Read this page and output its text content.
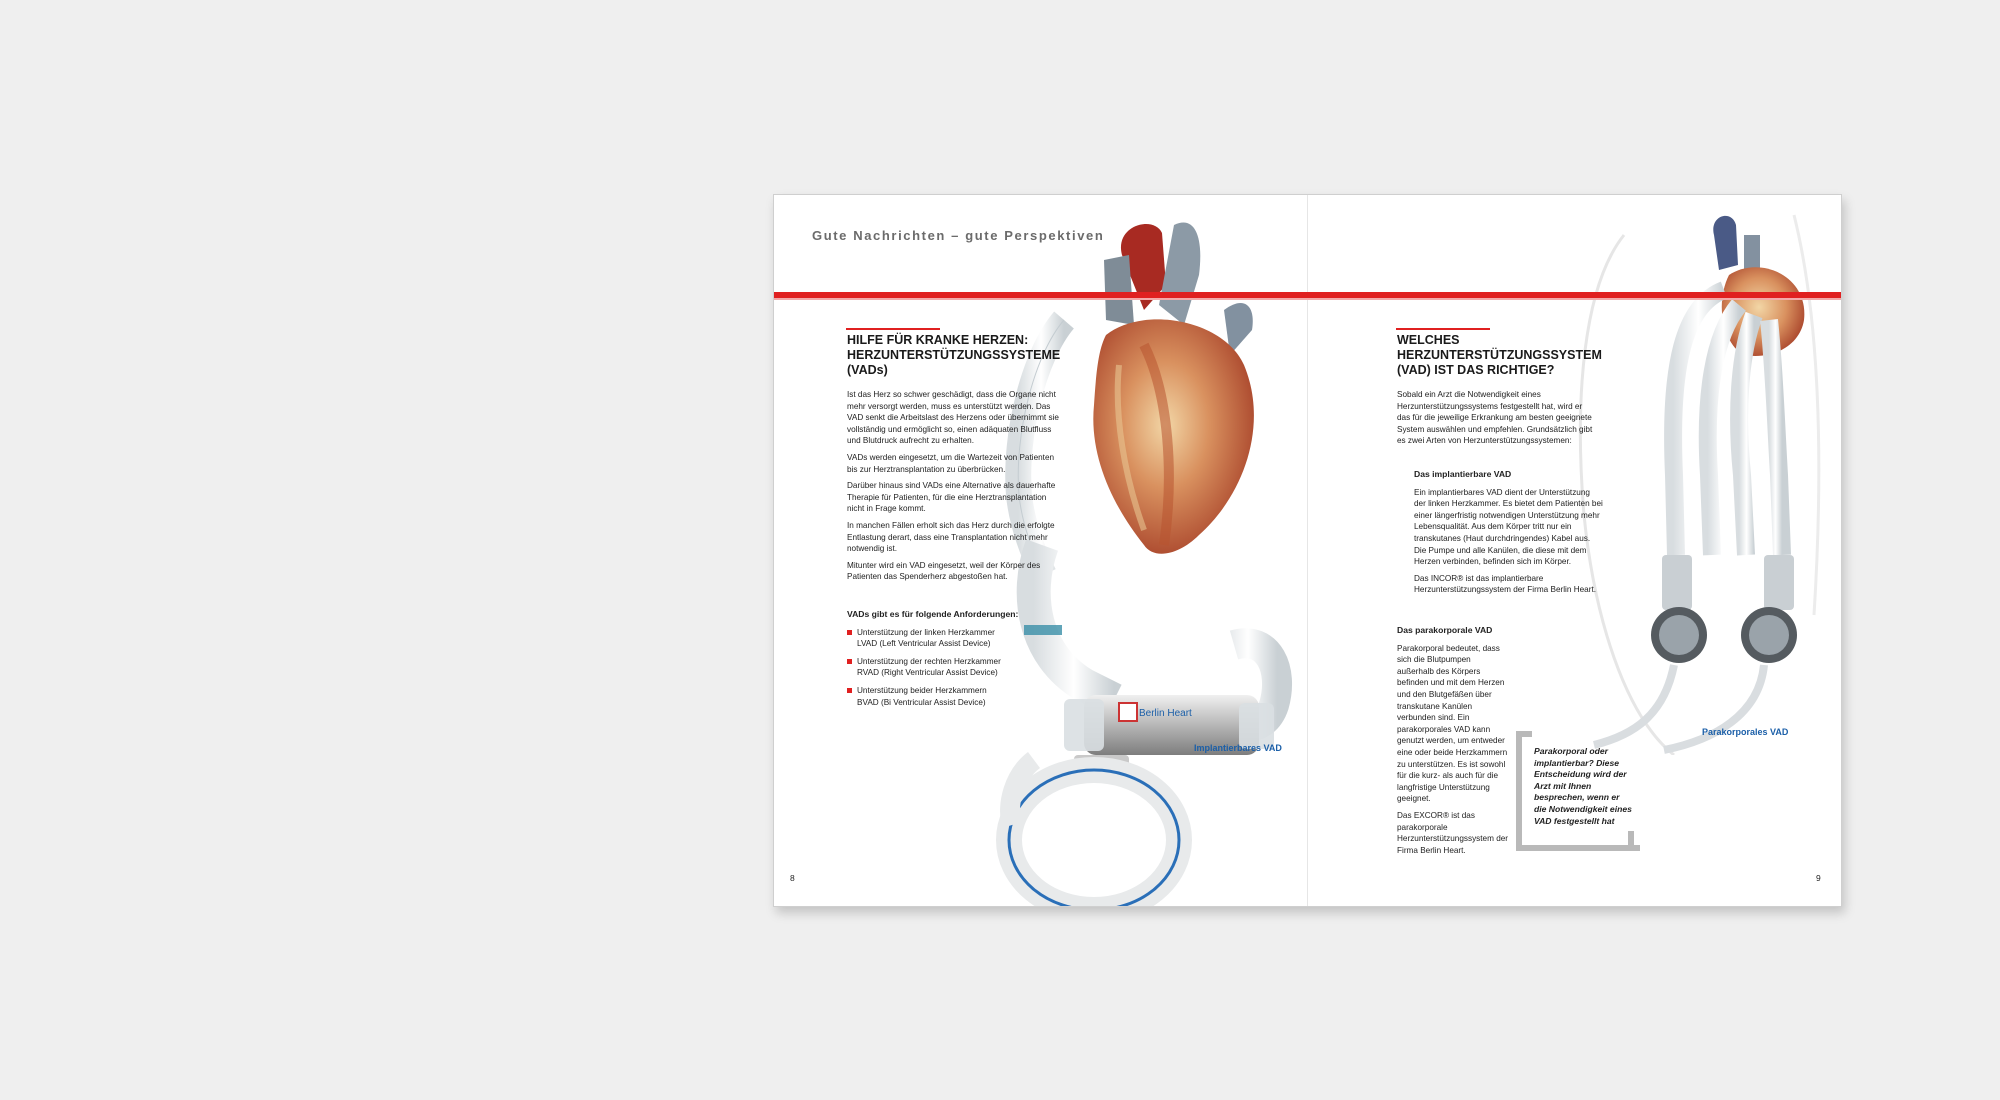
Berlin Heart

Gute Nachrichten – gute Perspektiven

HILFE FÜR KRANKE HERZEN:
HERZUNTERSTÜTZUNGSSYSTEME
(VADs)

Ist das Herz so schwer geschädigt, dass die Organe nicht mehr versorgt werden, muss es unterstützt werden. Das VAD senkt die Arbeitslast des Herzens oder übernimmt sie vollständig und ermöglicht so, einen adäquaten Blutfluss und Blutdruck aufrecht zu erhalten.

VADs werden eingesetzt, um die Wartezeit von Patienten bis zur Herztransplantation zu überbrücken.

Darüber hinaus sind VADs eine Alternative als dauerhafte Therapie für Patienten, für die eine Herztransplantation nicht in Frage kommt.

In manchen Fällen erholt sich das Herz durch die erfolgte Entlastung derart, dass eine Transplantation nicht mehr notwendig ist.

Mitunter wird ein VAD eingesetzt, weil der Körper des Patienten das Spenderherz abgestoßen hat.

VADs gibt es für folgende Anforderungen:

Unterstützung der linken Herzkammer
LVAD (Left Ventricular Assist Device)
Unterstützung der rechten Herzkammer
RVAD (Right Ventricular Assist Device)
Unterstützung beider Herzkammern
BVAD (Bi Ventricular Assist Device)
Implantierbares VAD
8
WELCHES
HERZUNTERSTÜTZUNGSSYSTEM
(VAD) IST DAS RICHTIGE?

Sobald ein Arzt die Notwendigkeit eines Herzunterstützungssystems festgestellt hat, wird er das für die jeweilige Erkrankung am besten geeignete System auswählen und empfehlen. Grundsätzlich gibt es zwei Arten von Herzunterstützungssystemen:

Das implantierbare VAD

Ein implantierbares VAD dient der Unterstützung der linken Herzkammer. Es bietet dem Patienten bei einer längerfristig notwendigen Unterstützung mehr Lebensqualität. Aus dem Körper tritt nur ein transkutanes (Haut durchdringendes) Kabel aus. Die Pumpe und alle Kanülen, die diese mit dem Herzen verbinden, befinden sich im Körper.

Das INCOR® ist das implantierbare Herzunterstützungssystem der Firma Berlin Heart.

Das parakorporale VAD

Parakorporal bedeutet, dass sich die Blutpumpen außerhalb des Körpers befinden und mit dem Herzen und den Blutgefäßen über transkutane Kanülen verbunden sind. Ein parakorporales VAD kann genutzt werden, um entweder eine oder beide Herzkammern zu unterstützen. Es ist sowohl für die kurz- als auch für die langfristige Unterstützung geeignet.

Das EXCOR® ist das parakorporale Herzunterstützungssystem der Firma Berlin Heart.

Parakorporal oder implantierbar? Diese Entscheidung wird der Arzt mit Ihnen besprechen, wenn er die Notwendigkeit eines VAD festgestellt hat
Parakorporales VAD
9
